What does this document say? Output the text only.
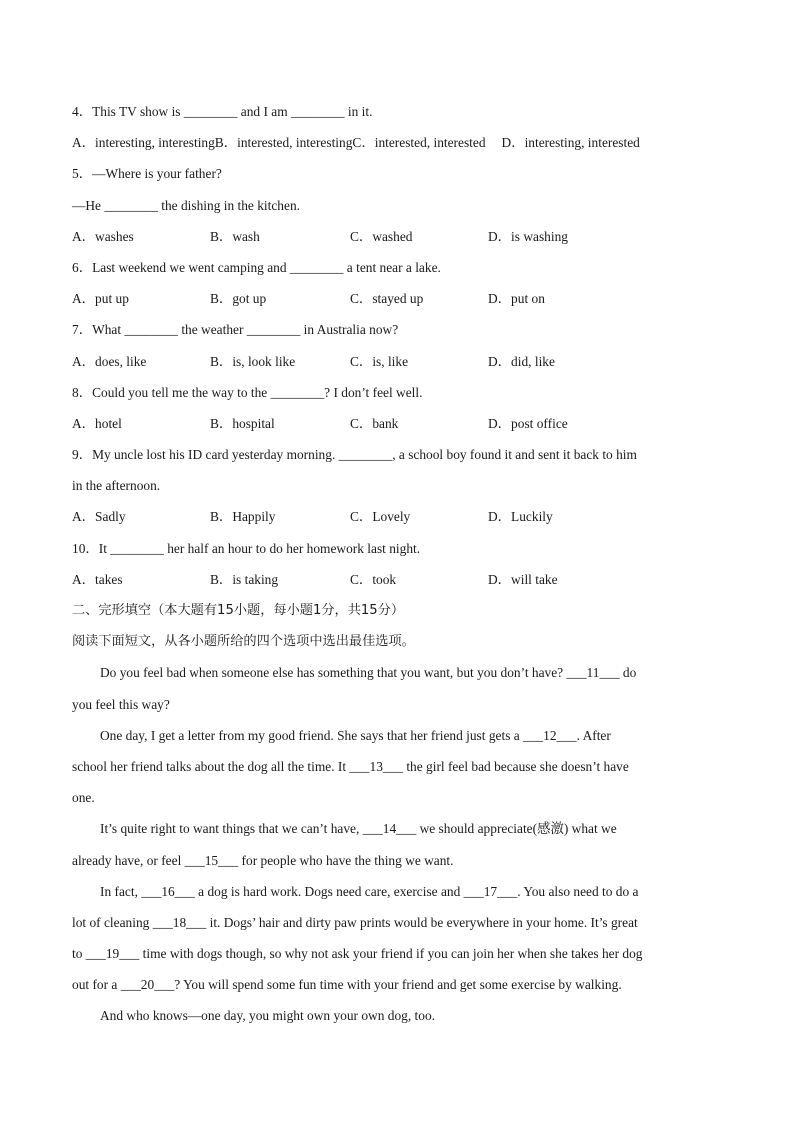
4．This TV show is ________ and I am ________ in it.
A．interesting, interestingB．interested, interestingC．interested, interested D．interesting, interested
5．—Where is your father?
—He ________ the dishing in the kitchen.
A．washes	B．wash	C．washed	D．is washing
6．Last weekend we went camping and ________ a tent near a lake.
A．put up	B．got up	C．stayed up	D．put on
7．What ________ the weather ________ in Australia now?
A．does, like	B．is, look like	C．is, like	D．did, like
8．Could you tell me the way to the ________? I don’t feel well.
A．hotel	B．hospital	C．bank	D．post office
9．My uncle lost his ID card yesterday morning. ________, a school boy found it and sent it back to him
in the afternoon.
A．Sadly	B．Happily	C．Lovely	D．Luckily
10．It ________ her half an hour to do her homework last night.
A．takes	B．is taking	C．took	D．will take
二、完形填空（本大题有15小题，每小题1分，共15分）
阅读下面短文，从各小题所给的四个选项中选出最佳选项。
Do you feel bad when someone else has something that you want, but you don’t have? ___11___ do
you feel this way?
One day, I get a letter from my good friend. She says that her friend just gets a ___12___. After
school her friend talks about the dog all the time. It ___13___ the girl feel bad because she doesn’t have
one.
It’s quite right to want things that we can’t have, ___14___ we should appreciate(感激) what we
already have, or feel ___15___ for people who have the thing we want.
In fact, ___16___ a dog is hard work. Dogs need care, exercise and ___17___. You also need to do a
lot of cleaning ___18___ it. Dogs’ hair and dirty paw prints would be everywhere in your home. It’s great
to ___19___ time with dogs though, so why not ask your friend if you can join her when she takes her dog
out for a ___20___? You will spend some fun time with your friend and get some exercise by walking.
And who knows—one day, you might own your own dog, too.
